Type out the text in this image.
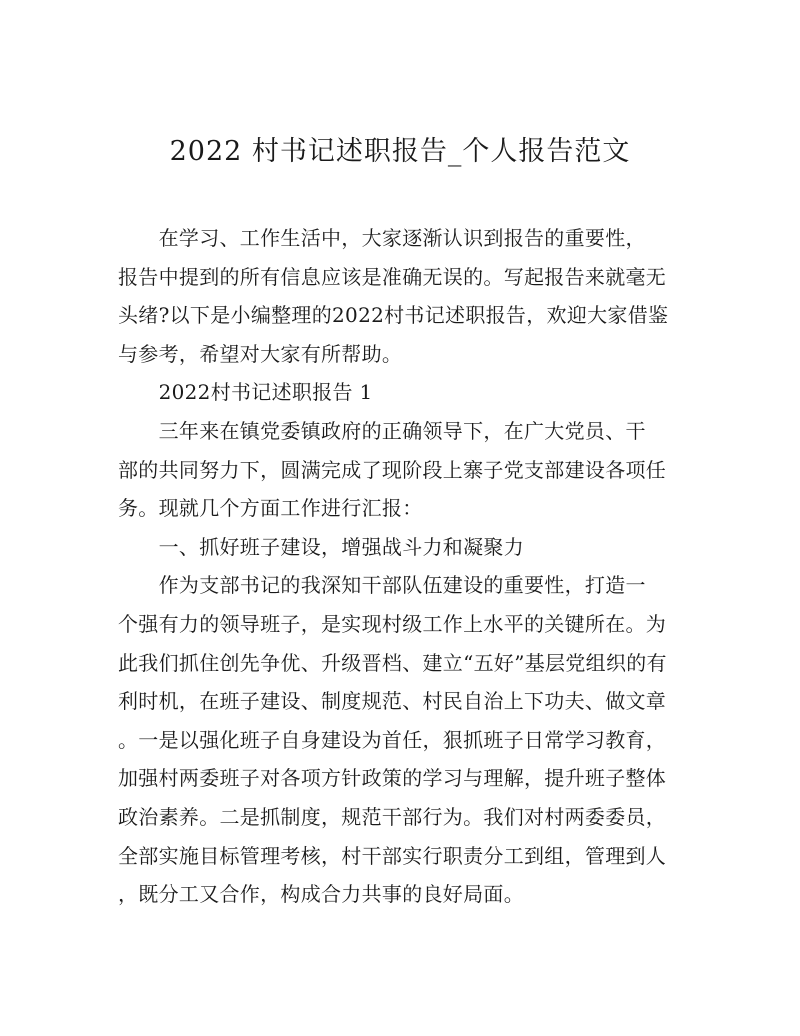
2022 村书记述职报告_个人报告范文

　　在学习、工作生活中，大家逐渐认识到报告的重要性，
报告中提到的所有信息应该是准确无误的。写起报告来就毫无
头绪?以下是小编整理的2022村书记述职报告，欢迎大家借鉴
与参考，希望对大家有所帮助。

　　2022村书记述职报告 1

　　三年来在镇党委镇政府的正确领导下，在广大党员、干
部的共同努力下，圆满完成了现阶段上寨子党支部建设各项任
务。现就几个方面工作进行汇报：

　　一、抓好班子建设，增强战斗力和凝聚力

　　作为支部书记的我深知干部队伍建设的重要性，打造一
个强有力的领导班子，是实现村级工作上水平的关键所在。为
此我们抓住创先争优、升级晋档、建立“五好”基层党组织的有
利时机，在班子建设、制度规范、村民自治上下功夫、做文章
。一是以强化班子自身建设为首任，狠抓班子日常学习教育，
加强村两委班子对各项方针政策的学习与理解，提升班子整体
政治素养。二是抓制度，规范干部行为。我们对村两委委员，
全部实施目标管理考核，村干部实行职责分工到组，管理到人
，既分工又合作，构成合力共事的良好局面。
